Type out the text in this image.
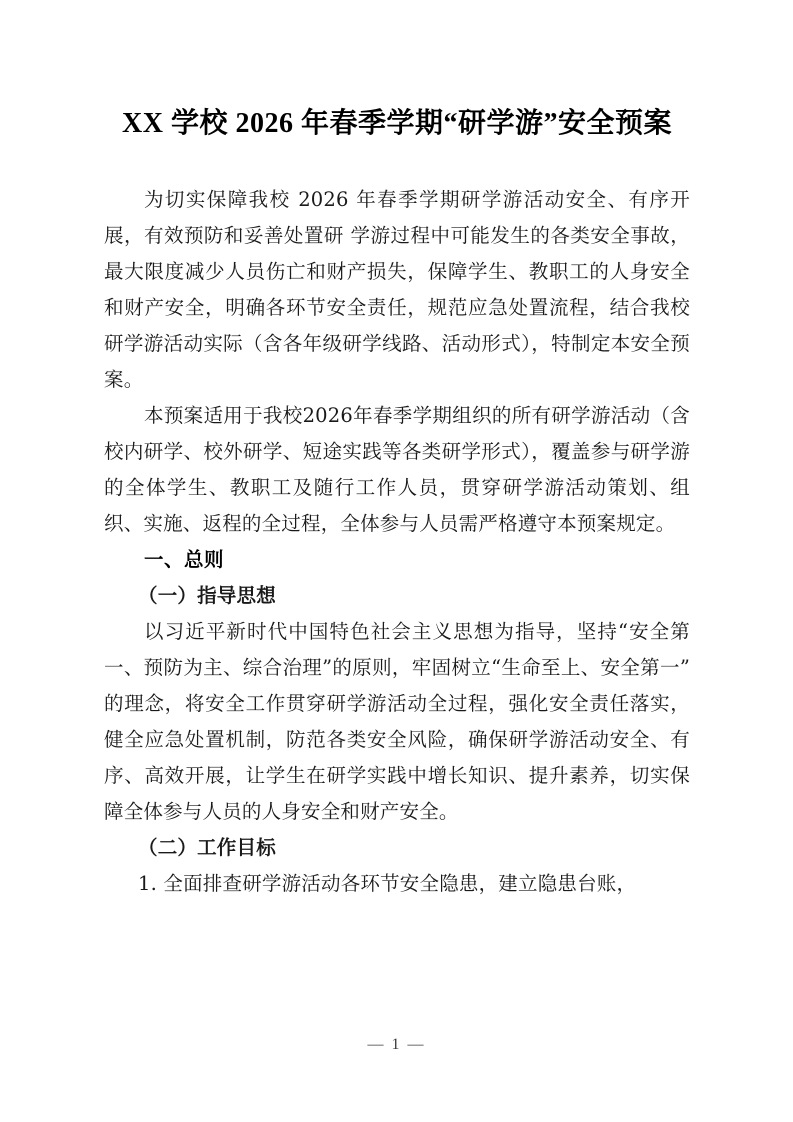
XX 学校 2026 年春季学期“研学游”安全预案

为切实保障我校 2026 年春季学期研学游活动安全、有序开展，有效预防和妥善处置研 学游过程中可能发生的各类安全事故，最大限度减少人员伤亡和财产损失，保障学生、教职工的人身安全和财产安全，明确各环节安全责任，规范应急处置流程，结合我校研学游活动实际（含各年级研学线路、活动形式），特制定本安全预案。

本预案适用于我校2026年春季学期组织的所有研学游活动（含校内研学、校外研学、短途实践等各类研学形式），覆盖参与研学游的全体学生、教职工及随行工作人员，贯穿研学游活动策划、组织、实施、返程的全过程，全体参与人员需严格遵守本预案规定。

一、总则
（一）指导思想

以习近平新时代中国特色社会主义思想为指导，坚持“安全第一、预防为主、综合治理”的原则，牢固树立“生命至上、安全第一”的理念，将安全工作贯穿研学游活动全过程，强化安全责任落实，健全应急处置机制，防范各类安全风险，确保研学游活动安全、有序、高效开展，让学生在研学实践中增长知识、提升素养，切实保障全体参与人员的人身安全和财产安全。

（二）工作目标

1. 全面排查研学游活动各环节安全隐患，建立隐患台账，

— 1 —
